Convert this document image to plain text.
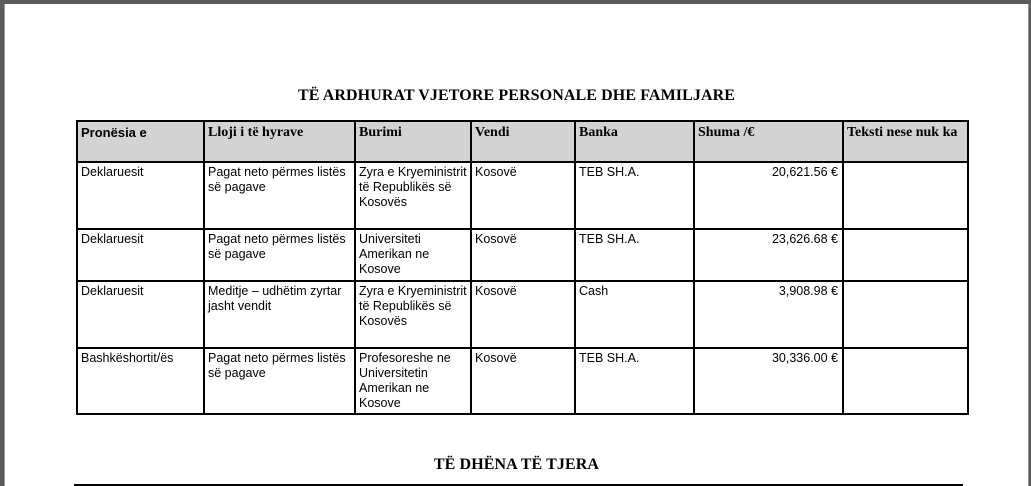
TË ARDHURAT VJETORE PERSONALE DHE FAMILJARE
Pronësia e	Lloji i të hyrave	Burimi	Vendi	Banka	Shuma /€	Teksti nese nuk ka
Deklaruesit	Pagat neto përmes listës së pagave	Zyra e Kryeministrit të Republikës së Kosovës	Kosovë	TEB SH.A.	20,621.56 €	
Deklaruesit	Pagat neto përmes listës së pagave	Universiteti Amerikan ne Kosove	Kosovë	TEB SH.A.	23,626.68 €	
Deklaruesit	Meditje – udhëtim zyrtar jasht vendit	Zyra e Kryeministrit të Republikës së Kosovës	Kosovë	Cash	3,908.98 €	
Bashkëshortit/ës	Pagat neto përmes listës së pagave	Profesoreshe ne Universitetin Amerikan ne Kosove	Kosovë	TEB SH.A.	30,336.00 €	
TË DHËNA TË TJERA
